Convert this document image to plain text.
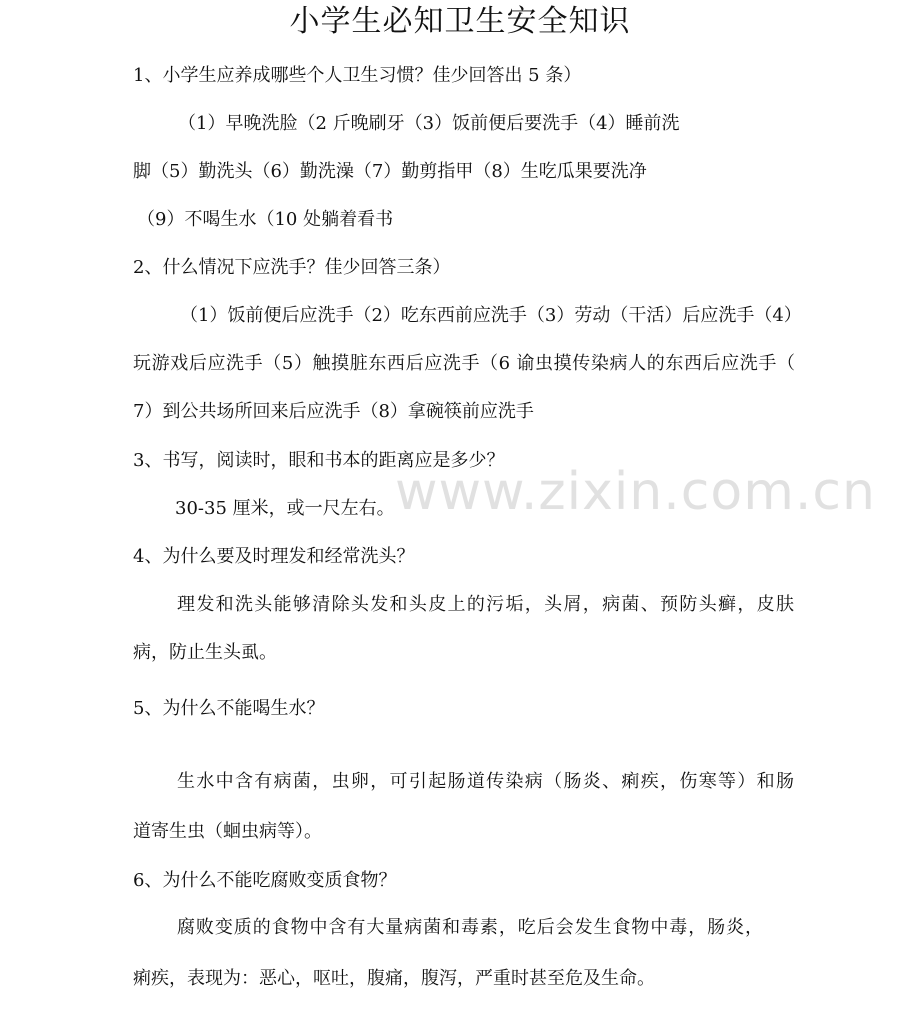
www.zixin.com.cn
小学生必知卫生安全知识
1、小学生应养成哪些个人卫生习惯？佳少回答出 5 条）
（1）早晚洗脸（2 斤晚刷牙（3）饭前便后要洗手（4）睡前洗
脚（5）勤洗头（6）勤洗澡（7）勤剪指甲（8）生吃瓜果要洗净
（9）不喝生水（10 处躺着看书
2、什么情况下应洗手？佳少回答三条）
（1）饭前便后应洗手（2）吃东西前应洗手（3）劳动（干活）后应洗手（4）
玩游戏后应洗手（5）触摸脏东西后应洗手（6 谕虫摸传染病人的东西后应洗手（
7）到公共场所回来后应洗手（8）拿碗筷前应洗手
3、书写，阅读时，眼和书本的距离应是多少？
30-35 厘米，或一尺左右。
4、为什么要及时理发和经常洗头？
理发和洗头能够清除头发和头皮上的污垢，头屑，病菌、预防头癣，皮肤
病，防止生头虱。
5、为什么不能喝生水？
生水中含有病菌，虫卵，可引起肠道传染病（肠炎、痢疾，伤寒等）和肠
道寄生虫（蛔虫病等）。
6、为什么不能吃腐败变质食物？
腐败变质的食物中含有大量病菌和毒素，吃后会发生食物中毒，肠炎，
痢疾，表现为：恶心，呕吐，腹痛，腹泻，严重时甚至危及生命。
